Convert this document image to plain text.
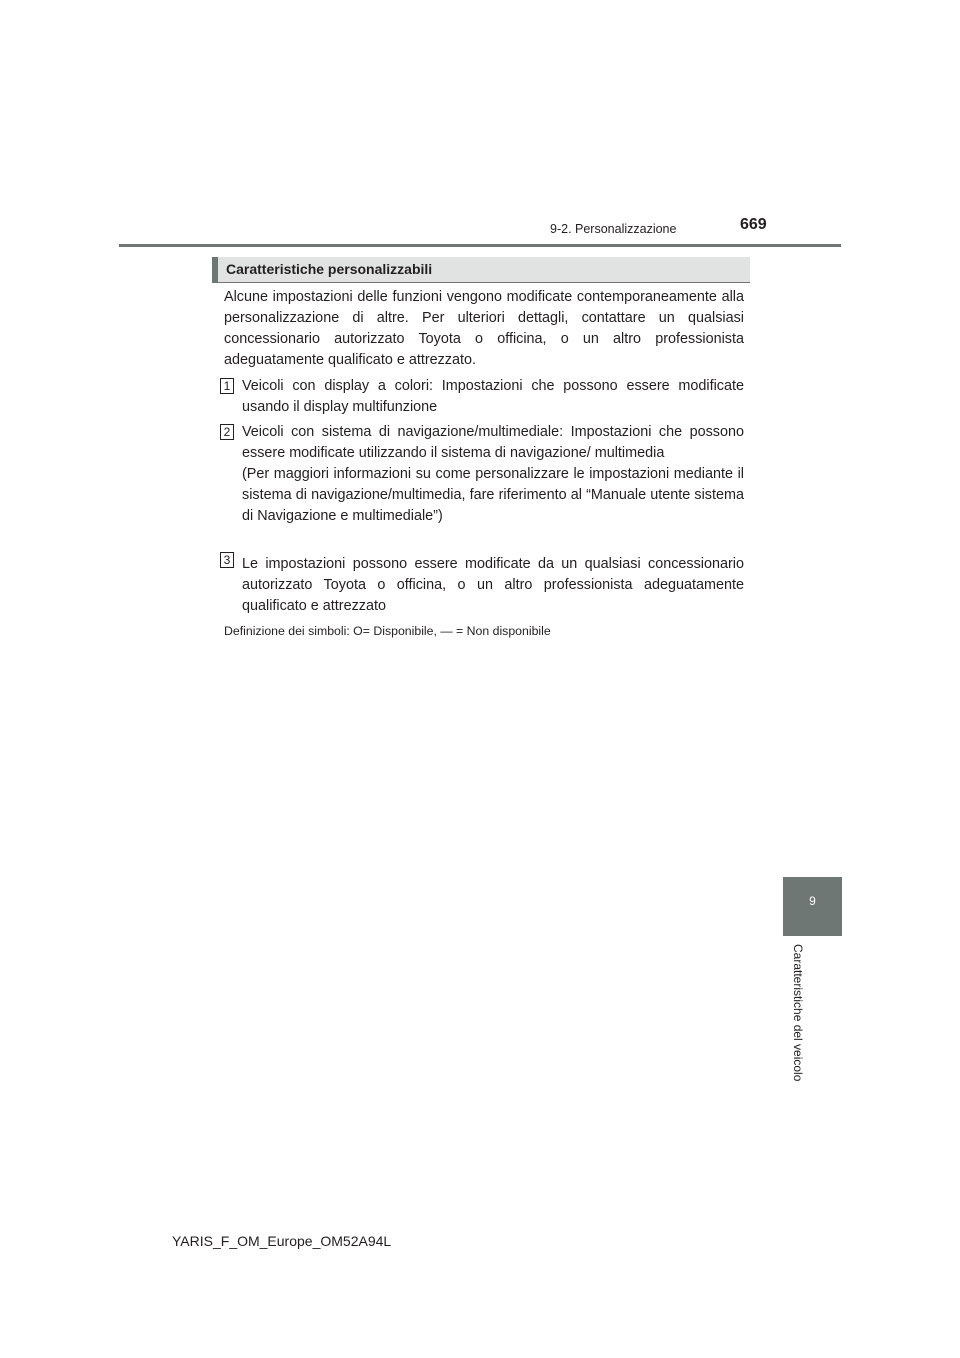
9-2. Personalizzazione	669
Caratteristiche personalizzabili

Alcune impostazioni delle funzioni vengono modificate contemporaneamente alla personalizzazione di altre. Per ulteriori dettagli, contattare un qualsiasi concessionario autorizzato Toyota o officina, o un altro professionista adeguatamente qualificato e attrezzato.

1 Veicoli con display a colori: Impostazioni che possono essere modificate usando il display multifunzione

2 Veicoli con sistema di navigazione/multimediale: Impostazioni che possono essere modificate utilizzando il sistema di navigazione/ multimedia
(Per maggiori informazioni su come personalizzare le impostazioni mediante il sistema di navigazione/multimedia, fare riferimento al “Manuale utente sistema di Navigazione e multimediale”)

3 Le impostazioni possono essere modificate da un qualsiasi concessionario autorizzato Toyota o officina, o un altro professionista adeguatamente qualificato e attrezzato

Definizione dei simboli: O= Disponibile, — = Non disponibile

9
Caratteristiche del veicolo
YARIS_F_OM_Europe_OM52A94L
